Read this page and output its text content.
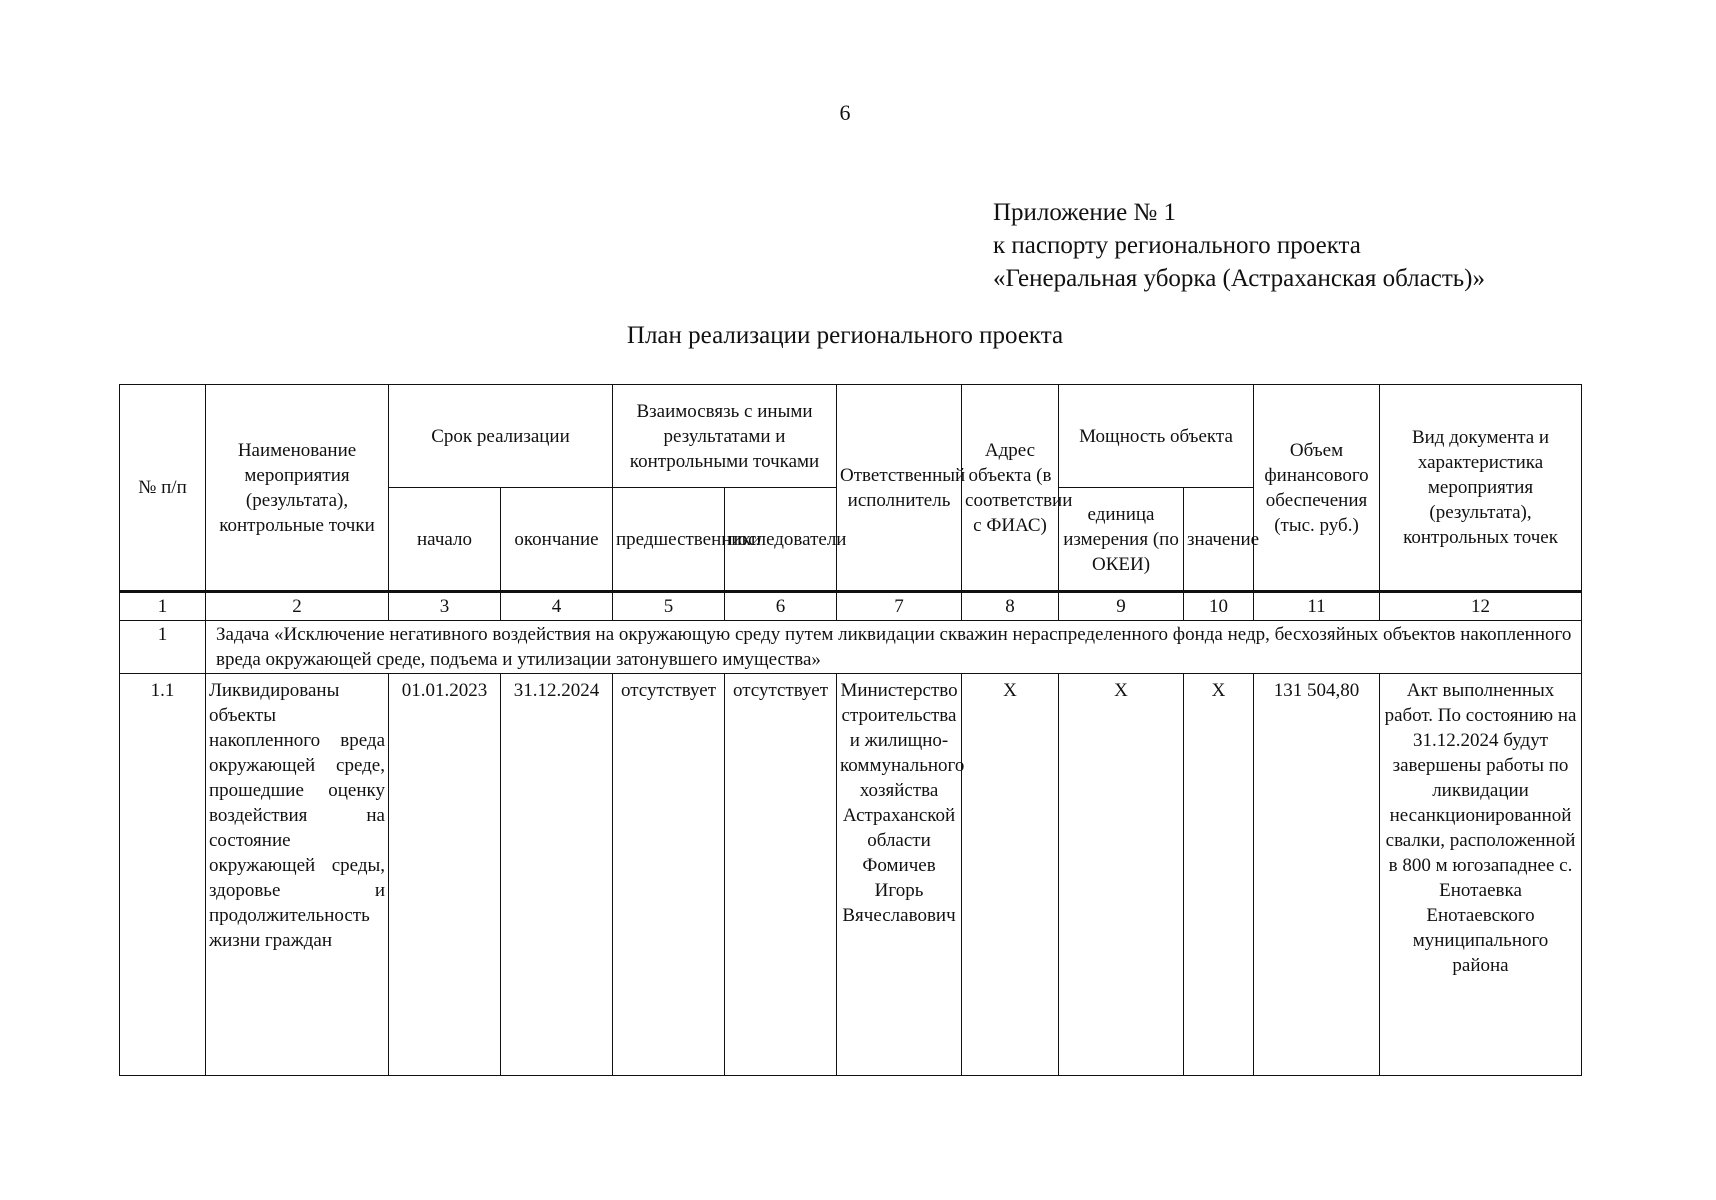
6
Приложение № 1
к паспорту регионального проекта
«Генеральная уборка (Астраханская область)»
План реализации регионального проекта
№ п/п	Наименование мероприятия (результата), контрольные точки	Срок реализации		Взаимосвязь с иными результатами и контрольными точками		Ответственный исполнитель	Адрес объекта (в соответствии с ФИАС)	Мощность объекта		Объем финансового обеспечения (тыс. руб.)	Вид документа и характеристика мероприятия (результата), контрольных точек
		начало	окончание	предшественники	последователи			единица измерения (по ОКЕИ)	значение		
1	2	3	4	5	6	7	8	9	10	11	12
1	Задача «Исключение негативного воздействия на окружающую среду путем ликвидации скважин нераспределенного фонда недр, бесхозяйных объектов накопленного вреда окружающей среде, подъема и утилизации затонувшего имущества»										
1.1	Ликвидированы объекты накопленного вреда окружающей среде, прошедшие оценку воздействия на состояние окружающей среды, здоровье и продолжительность жизни граждан	01.01.2023	31.12.2024	отсутствует	отсутствует	Министерство строительства и жилищно-коммунального хозяйства Астраханской области Фомичев Игорь Вячеславович	X	X	X	131 504,80	Акт выполненных работ. По состоянию на 31.12.2024 будут завершены работы по ликвидации несанкционированной свалки, расположенной в 800 м югозападнее с. Енотаевка Енотаевского муниципального района
